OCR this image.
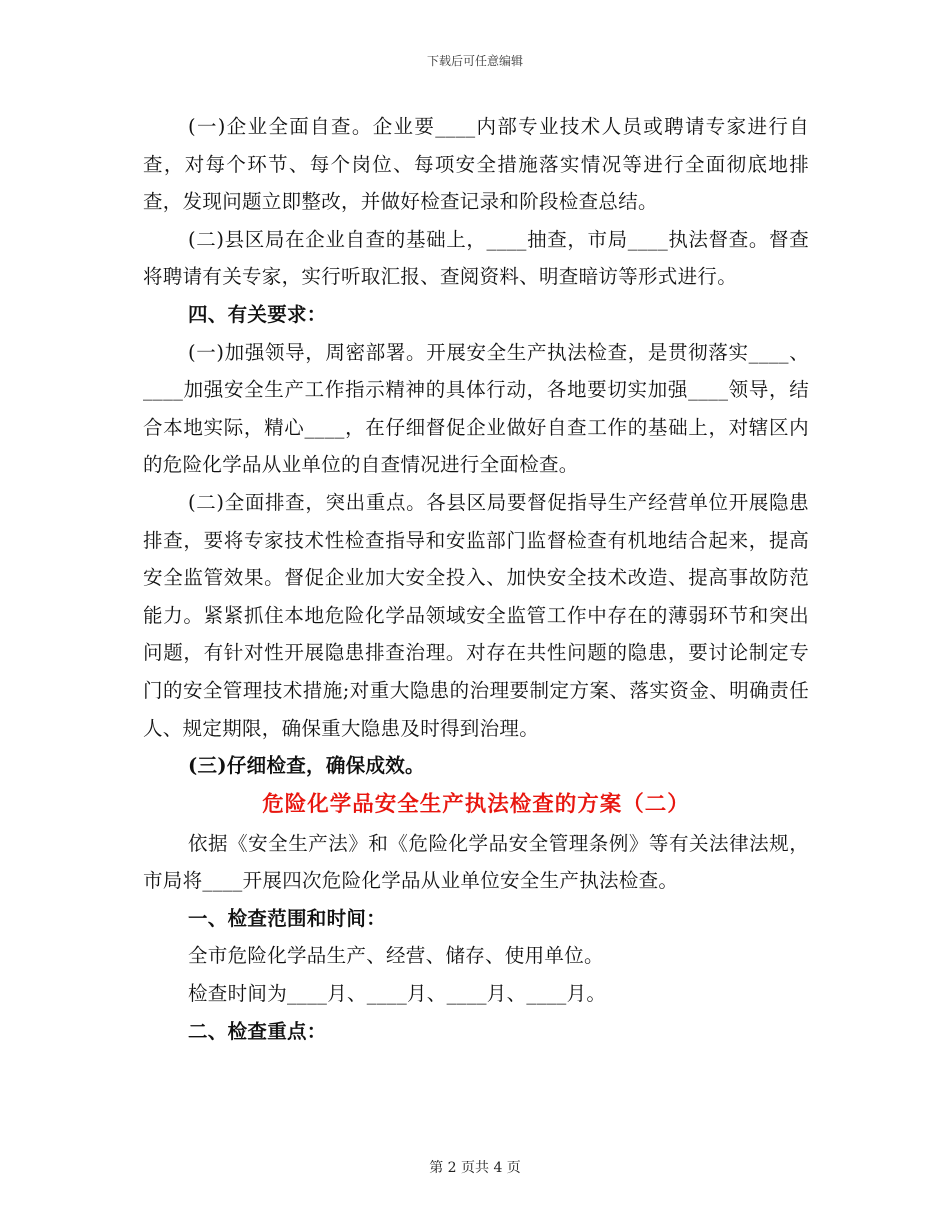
下载后可任意编辑

(一)企业全面自查。企业要____内部专业技术人员或聘请专家进行自查，对每个环节、每个岗位、每项安全措施落实情况等进行全面彻底地排查，发现问题立即整改，并做好检查记录和阶段检查总结。

(二)县区局在企业自查的基础上，____抽查，市局____执法督查。督查将聘请有关专家，实行听取汇报、查阅资料、明查暗访等形式进行。

四、有关要求：

(一)加强领导，周密部署。开展安全生产执法检查，是贯彻落实____、____加强安全生产工作指示精神的具体行动，各地要切实加强____领导，结合本地实际，精心____，在仔细督促企业做好自查工作的基础上，对辖区内的危险化学品从业单位的自查情况进行全面检查。

(二)全面排查，突出重点。各县区局要督促指导生产经营单位开展隐患排查，要将专家技术性检查指导和安监部门监督检查有机地结合起来，提高安全监管效果。督促企业加大安全投入、加快安全技术改造、提高事故防范能力。紧紧抓住本地危险化学品领域安全监管工作中存在的薄弱环节和突出问题，有针对性开展隐患排查治理。对存在共性问题的隐患，要讨论制定专门的安全管理技术措施;对重大隐患的治理要制定方案、落实资金、明确责任人、规定期限，确保重大隐患及时得到治理。

(三)仔细检查，确保成效。

危险化学品安全生产执法检查的方案（二）

依据《安全生产法》和《危险化学品安全管理条例》等有关法律法规，市局将____开展四次危险化学品从业单位安全生产执法检查。

一、检查范围和时间：

全市危险化学品生产、经营、储存、使用单位。

检查时间为____月、____月、____月、____月。

二、检查重点：

第 2 页共 4 页
